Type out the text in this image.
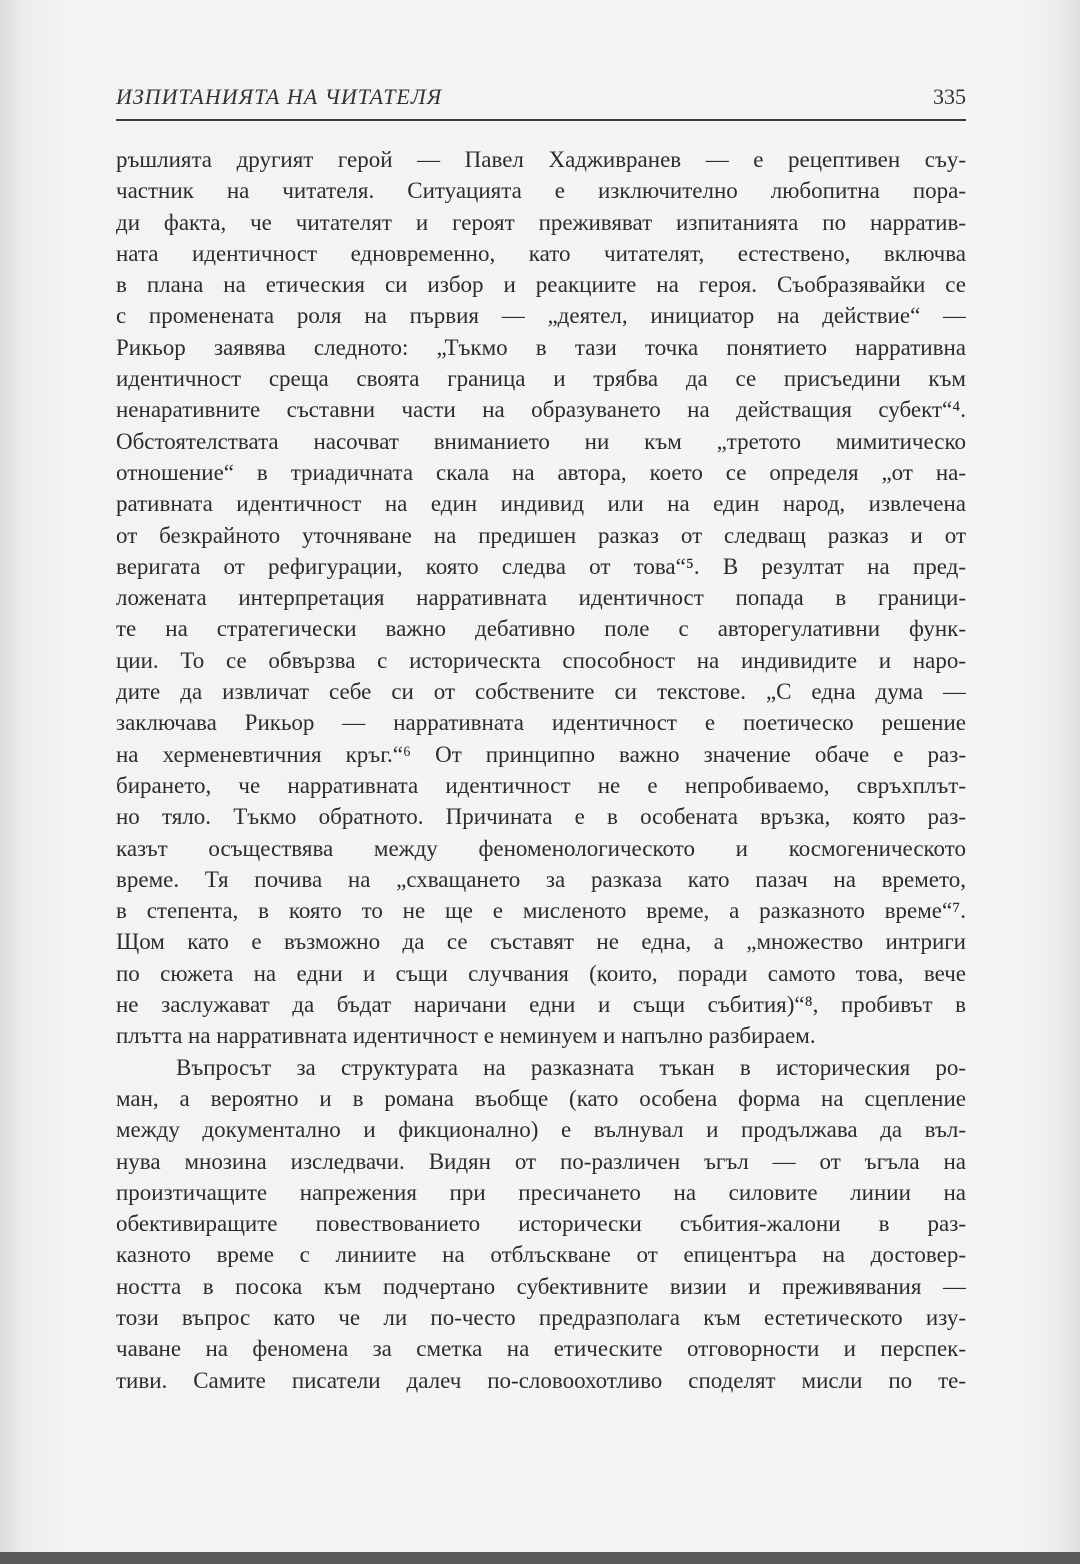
ИЗПИТАНИЯТА НА ЧИТАТЕЛЯ	335
ръшлията другият герой — Павел Хадживранев — е рецептивен съу-
частник на читателя. Ситуацията е изключително любопитна пора-
ди факта, че читателят и героят преживяват изпитанията по нарратив-
ната идентичност едновременно, като читателят, естествено, включва
в плана на етическия си избор и реакциите на героя. Съобразявайки се
с промененaта роля на първия — „деятел, инициатор на действие“ —
Рикьор заявява следното: „Тъкмо в тази точка понятието нарративна
идентичност среща своята граница и трябва да се присъедини към
ненаративните съставни части на образуването на действащия субект“⁴.
Обстоятелствата насочват вниманието ни към „третото мимитическо
отношение“ в триадичната скала на автора, което се определя „от на-
ративната идентичност на един индивид или на един народ, извлечена
от безкрайното уточняване на предишен разказ от следващ разказ и от
веригата от рефигурации, която следва от това“⁵. В резултат на пред-
ложената интерпретация нарративната идентичност попада в граници-
те на стратегически важно дебативно поле с авторегулативни функ-
ции. То се обвързва с историческта способност на индивидите и наро-
дите да извличат себе си от собствените си текстове. „С една дума —
заключава Рикьор — нарративната идентичност е поетическо решение
на херменевтичния кръг.“⁶ От принципно важно значение обаче е раз-
бирането, че нарративната идентичност не е непробиваемо, свръхплът-
но тяло. Тъкмо обратното. Причината е в особената връзка, която раз-
казът осъществява между феноменологическото и космогеническото
време. Тя почива на „схващането за разказа като пазач на времето,
в степента, в която то не ще е мисленото време, а разказното време“⁷.
Щом като е възможно да се съставят не една, а „множество интриги
по сюжета на едни и същи случвания (които, поради самото това, вече
не заслужават да бъдат наричани едни и същи събития)“⁸, пробивът в
плътта на нарративната идентичност е неминуем и напълно разбираем.
Въпросът за структурата на разказната тъкан в историческия ро-
ман, а вероятно и в романа въобще (като особена форма на сцепление
между документално и фикционално) е вълнувал и продължава да въл-
нува мнозина изследвачи. Видян от по-различен ъгъл — от ъгъла на
произтичащите напрежения при пресичането на силовите линии на
обективиращите повествованието исторически събития-жалони в раз-
казното време с линиите на отблъскване от епицентъра на достовер-
ността в посока към подчертано субективните визии и преживявания —
този въпрос като че ли по-често предразполага към естетическото изу-
чаване на феномена за сметка на етическите отговорности и перспек-
тиви. Самите писатели далеч по-словоохотливо споделят мисли по те-
